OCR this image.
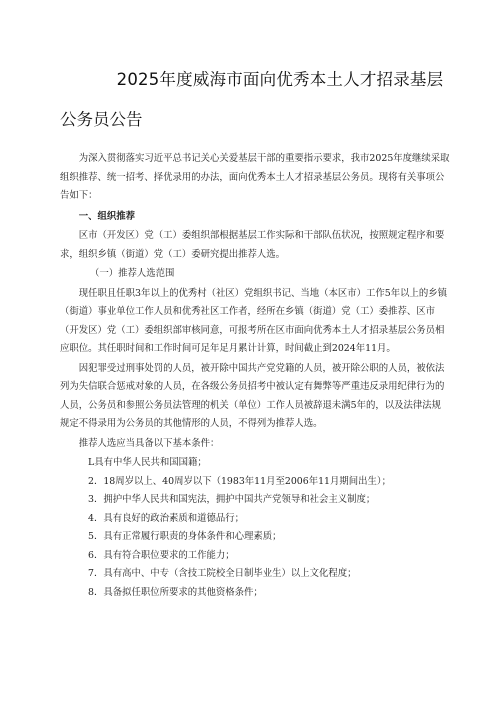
2025年度威海市面向优秀本土人才招录基层
公务员公告

为深入贯彻落实习近平总书记关心关爱基层干部的重要指示要求，我市2025年度继续采取组织推荐、统一招考、择优录用的办法，面向优秀本土人才招录基层公务员。现将有关事项公告如下：

一、组织推荐

区市（开发区）党（工）委组织部根据基层工作实际和干部队伍状况，按照规定程序和要求，组织乡镇（街道）党（工）委研究提出推荐人选。

（一）推荐人选范围

现任职且任职3年以上的优秀村（社区）党组织书记、当地（本区市）工作5年以上的乡镇（街道）事业单位工作人员和优秀社区工作者，经所在乡镇（街道）党（工）委推荐、区市（开发区）党（工）委组织部审核同意，可报考所在区市面向优秀本土人才招录基层公务员相应职位。其任职时间和工作时间可足年足月累计计算，时间截止到2024年11月。

因犯罪受过刑事处罚的人员，被开除中国共产党党籍的人员，被开除公职的人员，被依法列为失信联合惩戒对象的人员，在各级公务员招考中被认定有舞弊等严重违反录用纪律行为的人员，公务员和参照公务员法管理的机关（单位）工作人员被辞退未满5年的，以及法律法规规定不得录用为公务员的其他情形的人员，不得列为推荐人选。

推荐人选应当具备以下基本条件：

L具有中华人民共和国国籍；

2．18周岁以上、40周岁以下（1983年11月至2006年11月期间出生）；

3．拥护中华人民共和国宪法，拥护中国共产党领导和社会主义制度；

4．具有良好的政治素质和道德品行；

5．具有正常履行职责的身体条件和心理素质；

6．具有符合职位要求的工作能力；

7．具有高中、中专（含技工院校全日制毕业生）以上文化程度；

8．具备拟任职位所要求的其他资格条件；
